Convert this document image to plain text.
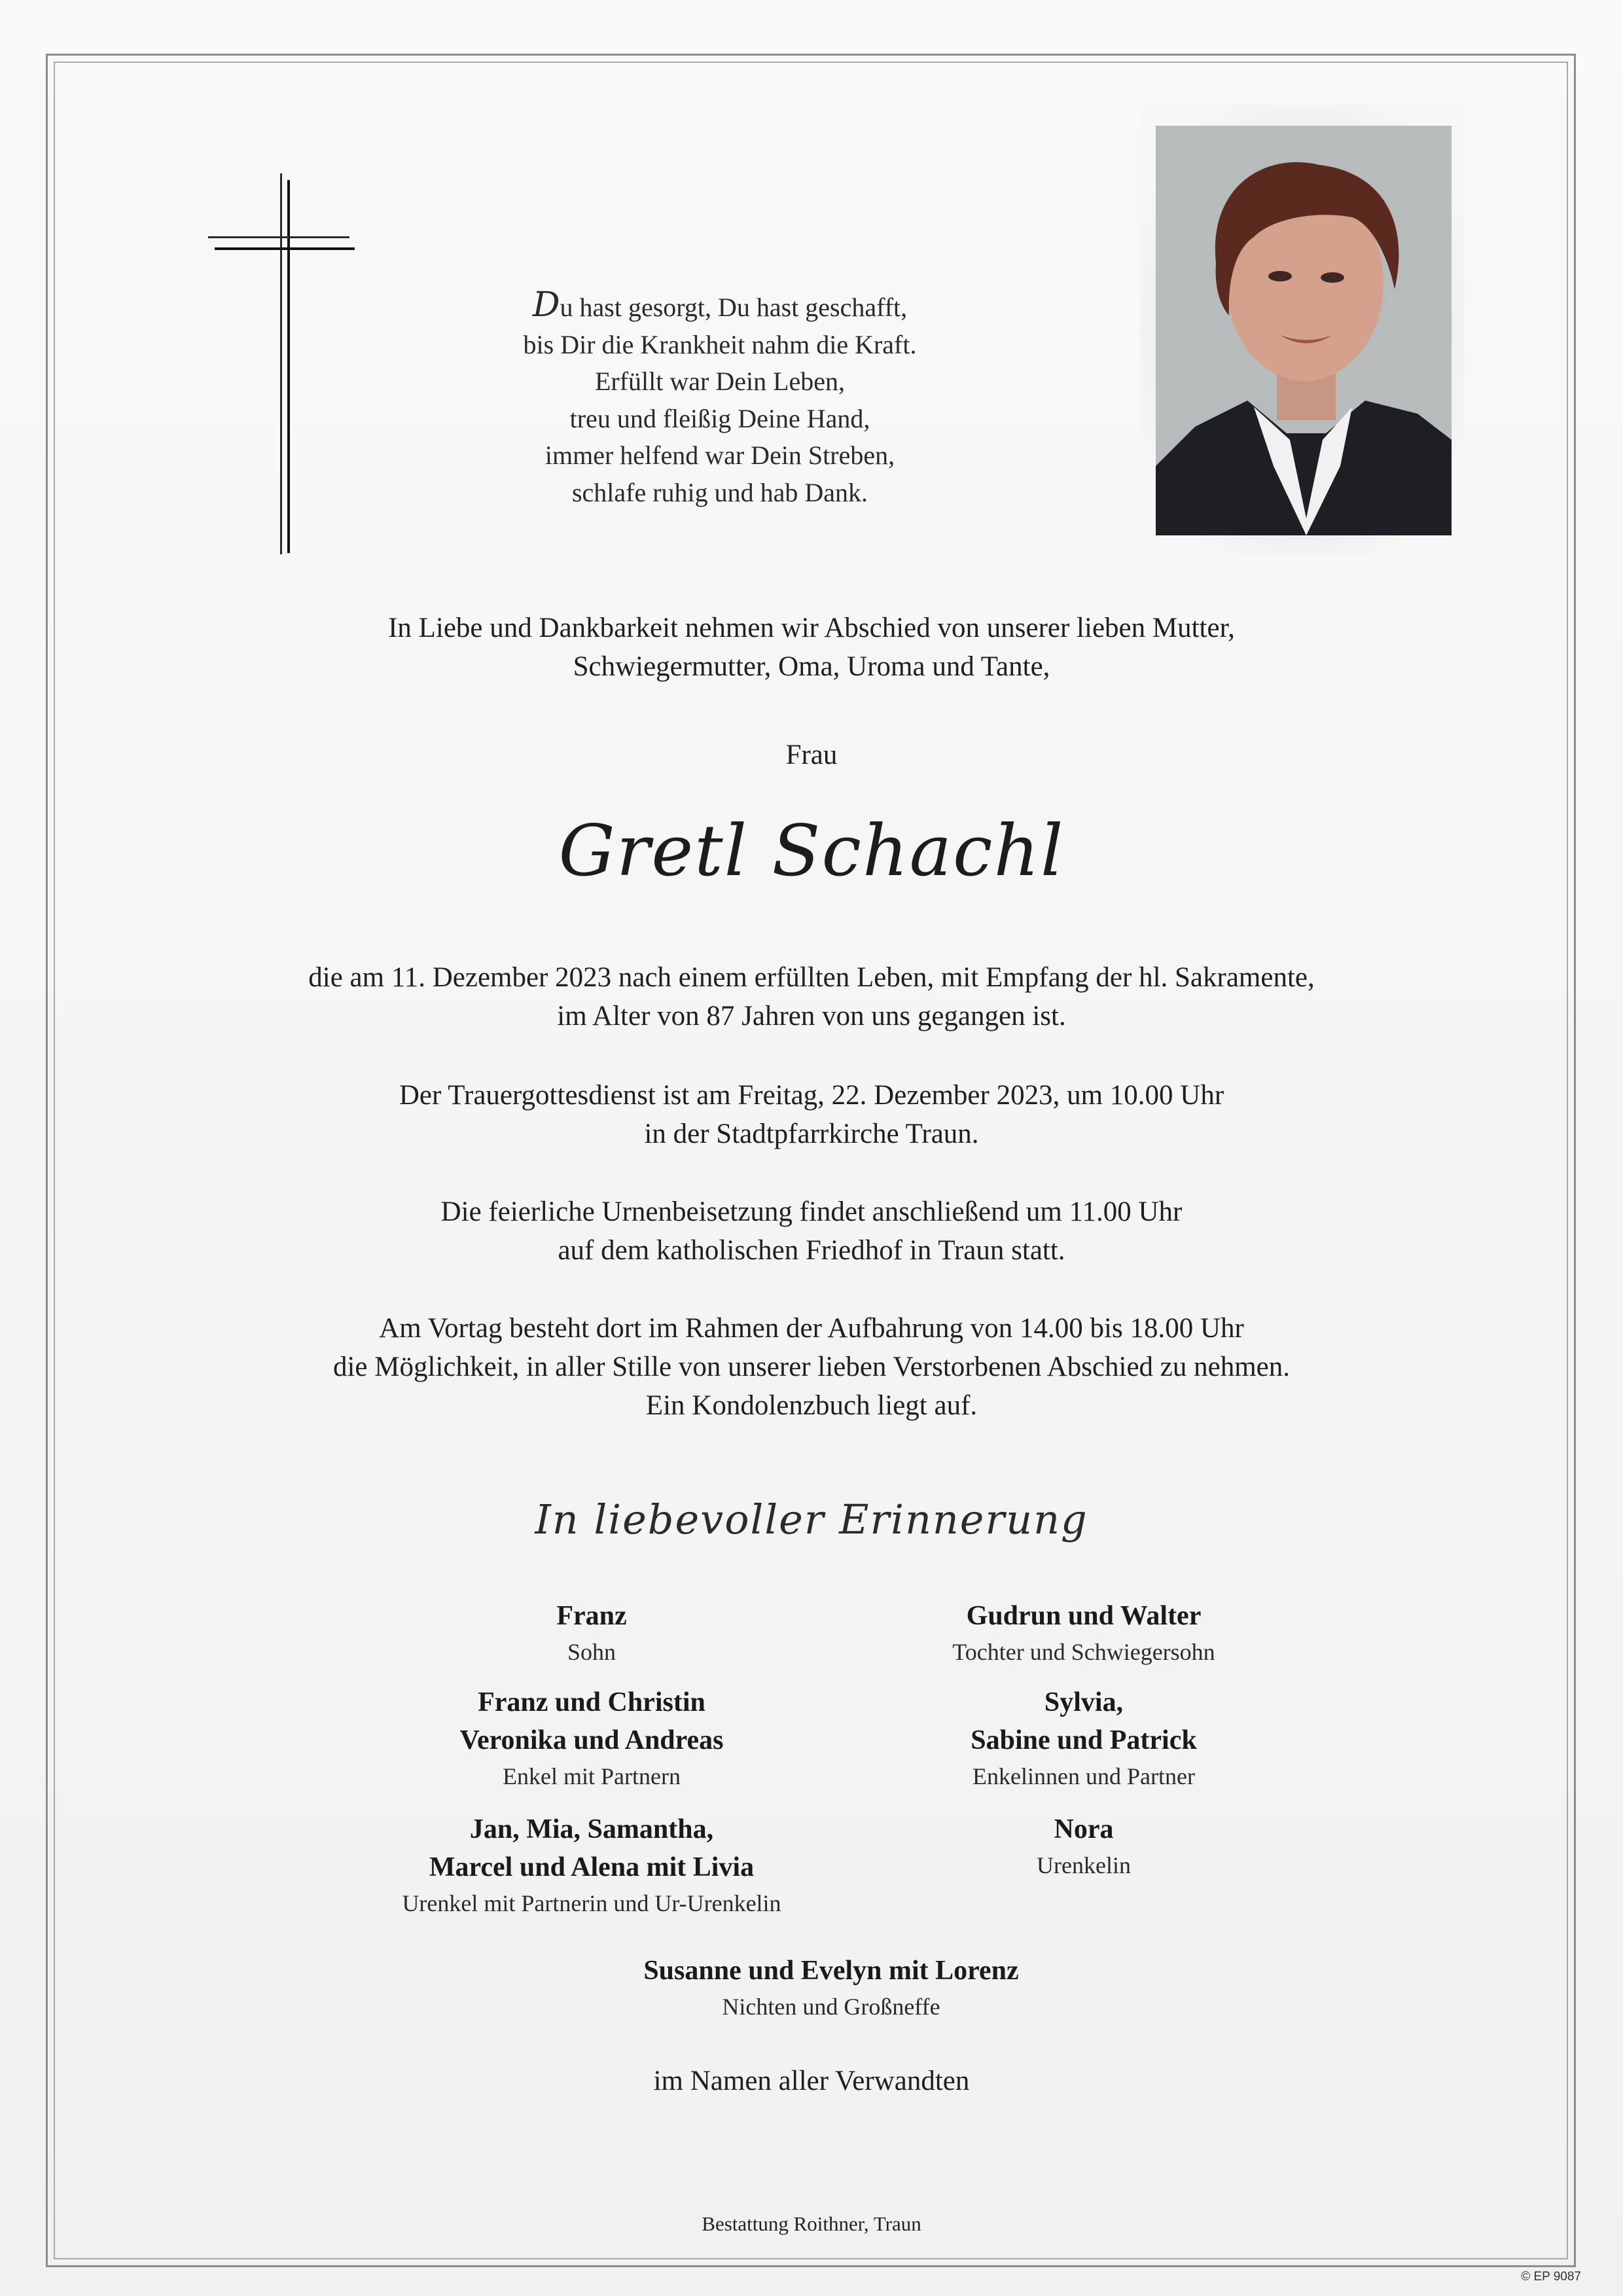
Du hast gesorgt, Du hast geschafft,
bis Dir die Krankheit nahm die Kraft.
Erfüllt war Dein Leben,
treu und fleißig Deine Hand,
immer helfend war Dein Streben,
schlafe ruhig und hab Dank.
In Liebe und Dankbarkeit nehmen wir Abschied von unserer lieben Mutter,
Schwiegermutter, Oma, Uroma und Tante,
Frau
Gretl Schachl
die am 11. Dezember 2023 nach einem erfüllten Leben, mit Empfang der hl. Sakramente,
im Alter von 87 Jahren von uns gegangen ist.
Der Trauergottesdienst ist am Freitag, 22. Dezember 2023, um 10.00 Uhr
in der Stadtpfarrkirche Traun.
Die feierliche Urnenbeisetzung findet anschließend um 11.00 Uhr
auf dem katholischen Friedhof in Traun statt.
Am Vortag besteht dort im Rahmen der Aufbahrung von 14.00 bis 18.00 Uhr
die Möglichkeit, in aller Stille von unserer lieben Verstorbenen Abschied zu nehmen.
Ein Kondolenzbuch liegt auf.
In liebevoller Erinnerung
Franz
Sohn
Franz und Christin
Veronika und Andreas
Enkel mit Partnern
Jan, Mia, Samantha,
Marcel und Alena mit Livia
Urenkel mit Partnerin und Ur-Urenkelin
Gudrun und Walter
Tochter und Schwiegersohn
Sylvia,
Sabine und Patrick
Enkelinnen und Partner
Nora
Urenkelin
Susanne und Evelyn mit Lorenz
Nichten und Großneffe
im Namen aller Verwandten
Bestattung Roithner, Traun
© EP 9087
